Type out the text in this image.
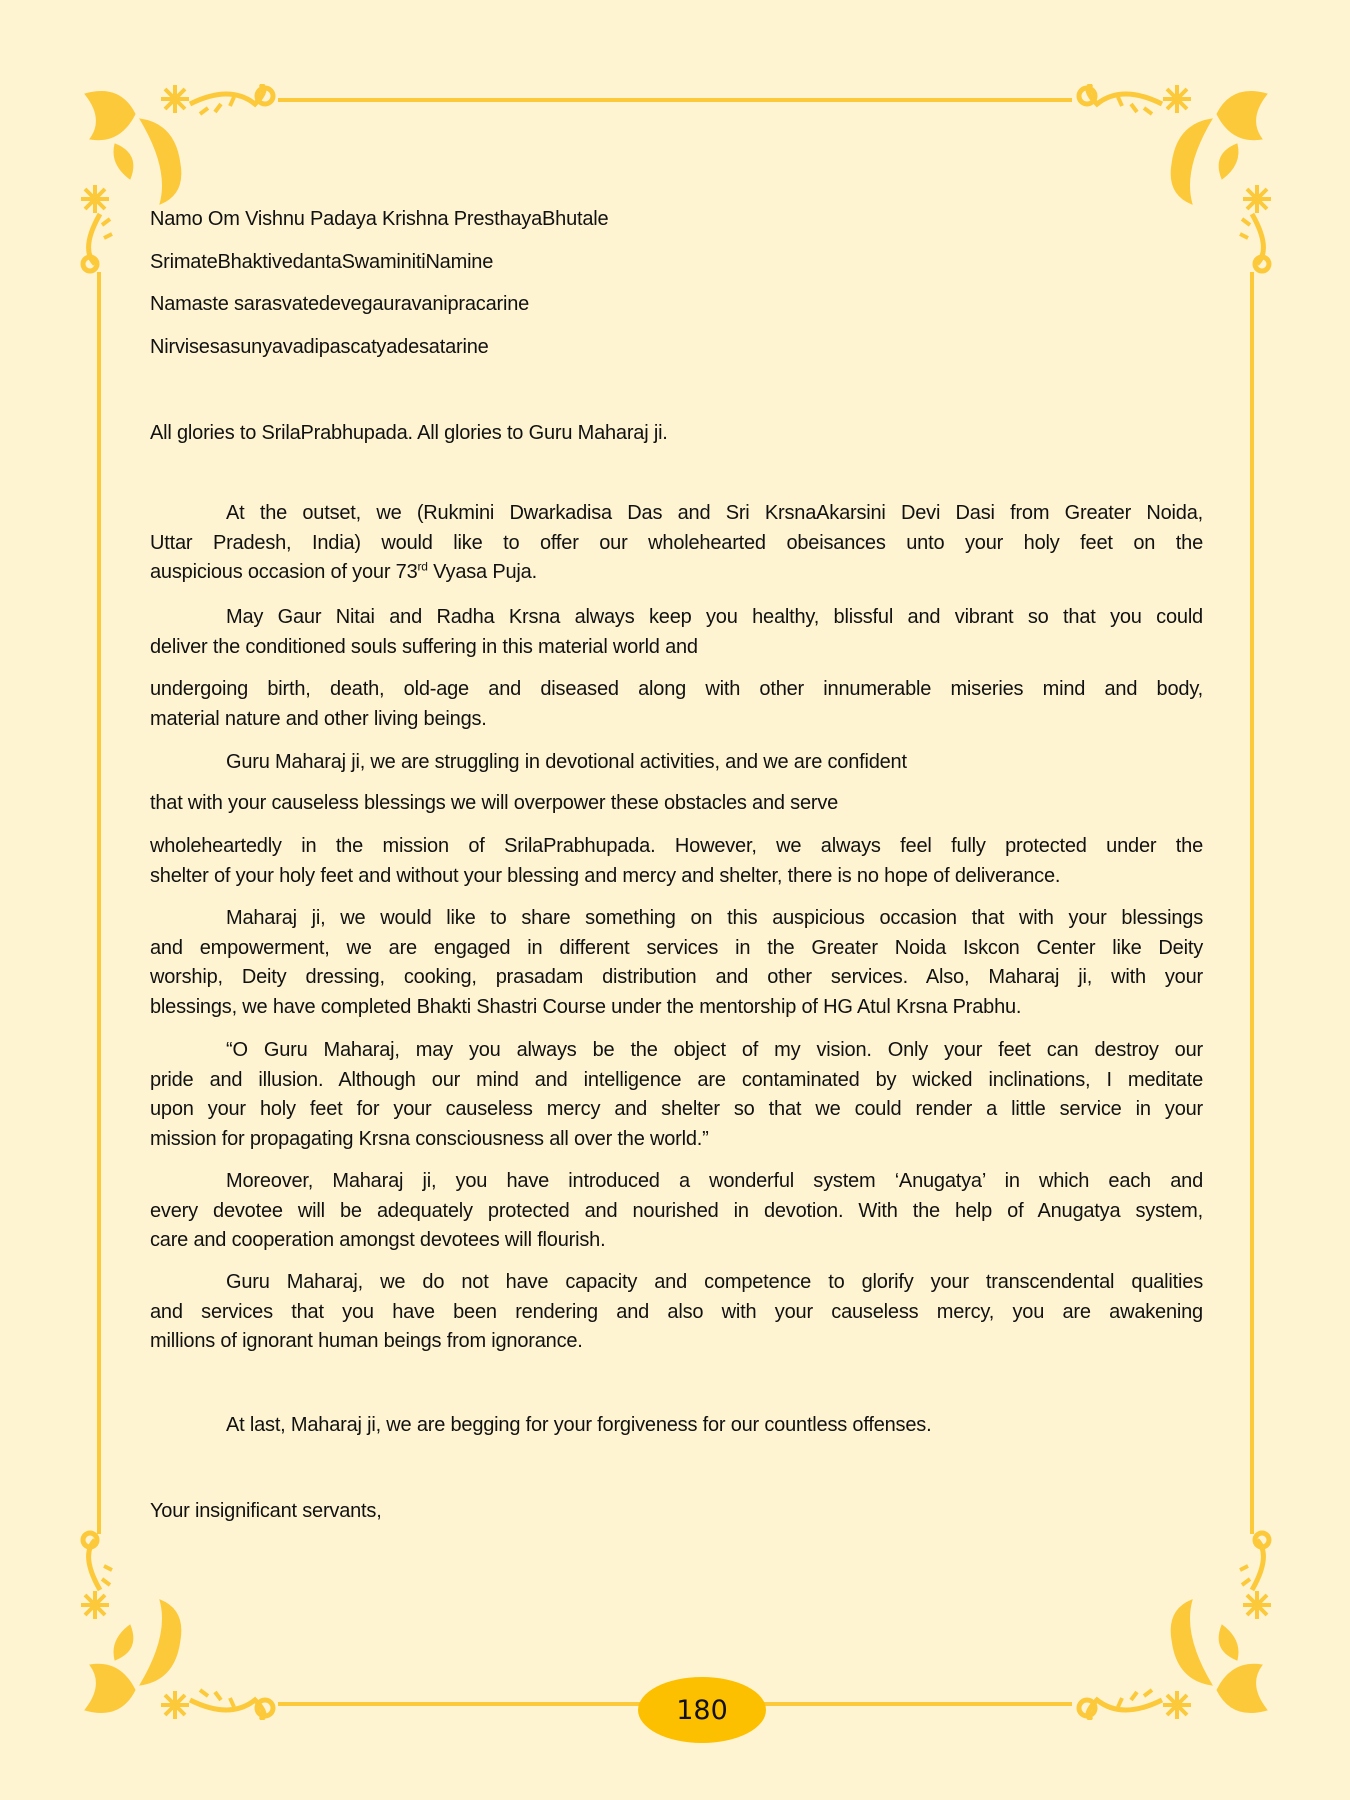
Namo Om Vishnu Padaya Krishna PresthayaBhutale
SrimateBhaktivedantaSwaminitiNamine
Namaste sarasvatedevegauravanipracarine
Nirvisesasunyavadipascatyadesatarine
All glories to SrilaPrabhupada. All glories to Guru Maharaj ji.
At the outset, we (Rukmini Dwarkadisa Das and Sri KrsnaAkarsini Devi Dasi from Greater Noida,
Uttar Pradesh, India) would like to offer our wholehearted obeisances unto your holy feet on the
auspicious occasion of your 73rd Vyasa Puja.
May Gaur Nitai and Radha Krsna always keep you healthy, blissful and vibrant so that you could
deliver the conditioned souls suffering in this material world and
undergoing birth, death, old-age and diseased along with other innumerable miseries mind and body,
material nature and other living beings.
Guru Maharaj ji, we are struggling in devotional activities, and we are confident
that with your causeless blessings we will overpower these obstacles and serve
wholeheartedly in the mission of SrilaPrabhupada. However, we always feel fully protected under the
shelter of your holy feet and without your blessing and mercy and shelter, there is no hope of deliverance.
Maharaj ji, we would like to share something on this auspicious occasion that with your blessings
and empowerment, we are engaged in different services in the Greater Noida Iskcon Center like Deity
worship, Deity dressing, cooking, prasadam distribution and other services. Also, Maharaj ji, with your
blessings, we have completed Bhakti Shastri Course under the mentorship of HG Atul Krsna Prabhu.
“O Guru Maharaj, may you always be the object of my vision. Only your feet can destroy our
pride and illusion. Although our mind and intelligence are contaminated by wicked inclinations, I meditate
upon your holy feet for your causeless mercy and shelter so that we could render a little service in your
mission for propagating Krsna consciousness all over the world.”
Moreover, Maharaj ji, you have introduced a wonderful system ‘Anugatya’ in which each and
every devotee will be adequately protected and nourished in devotion. With the help of Anugatya system,
care and cooperation amongst devotees will flourish.
Guru Maharaj, we do not have capacity and competence to glorify your transcendental qualities
and services that you have been rendering and also with your causeless mercy, you are awakening
millions of ignorant human beings from ignorance.
At last, Maharaj ji, we are begging for your forgiveness for our countless offenses.
Your insignificant servants,
180
